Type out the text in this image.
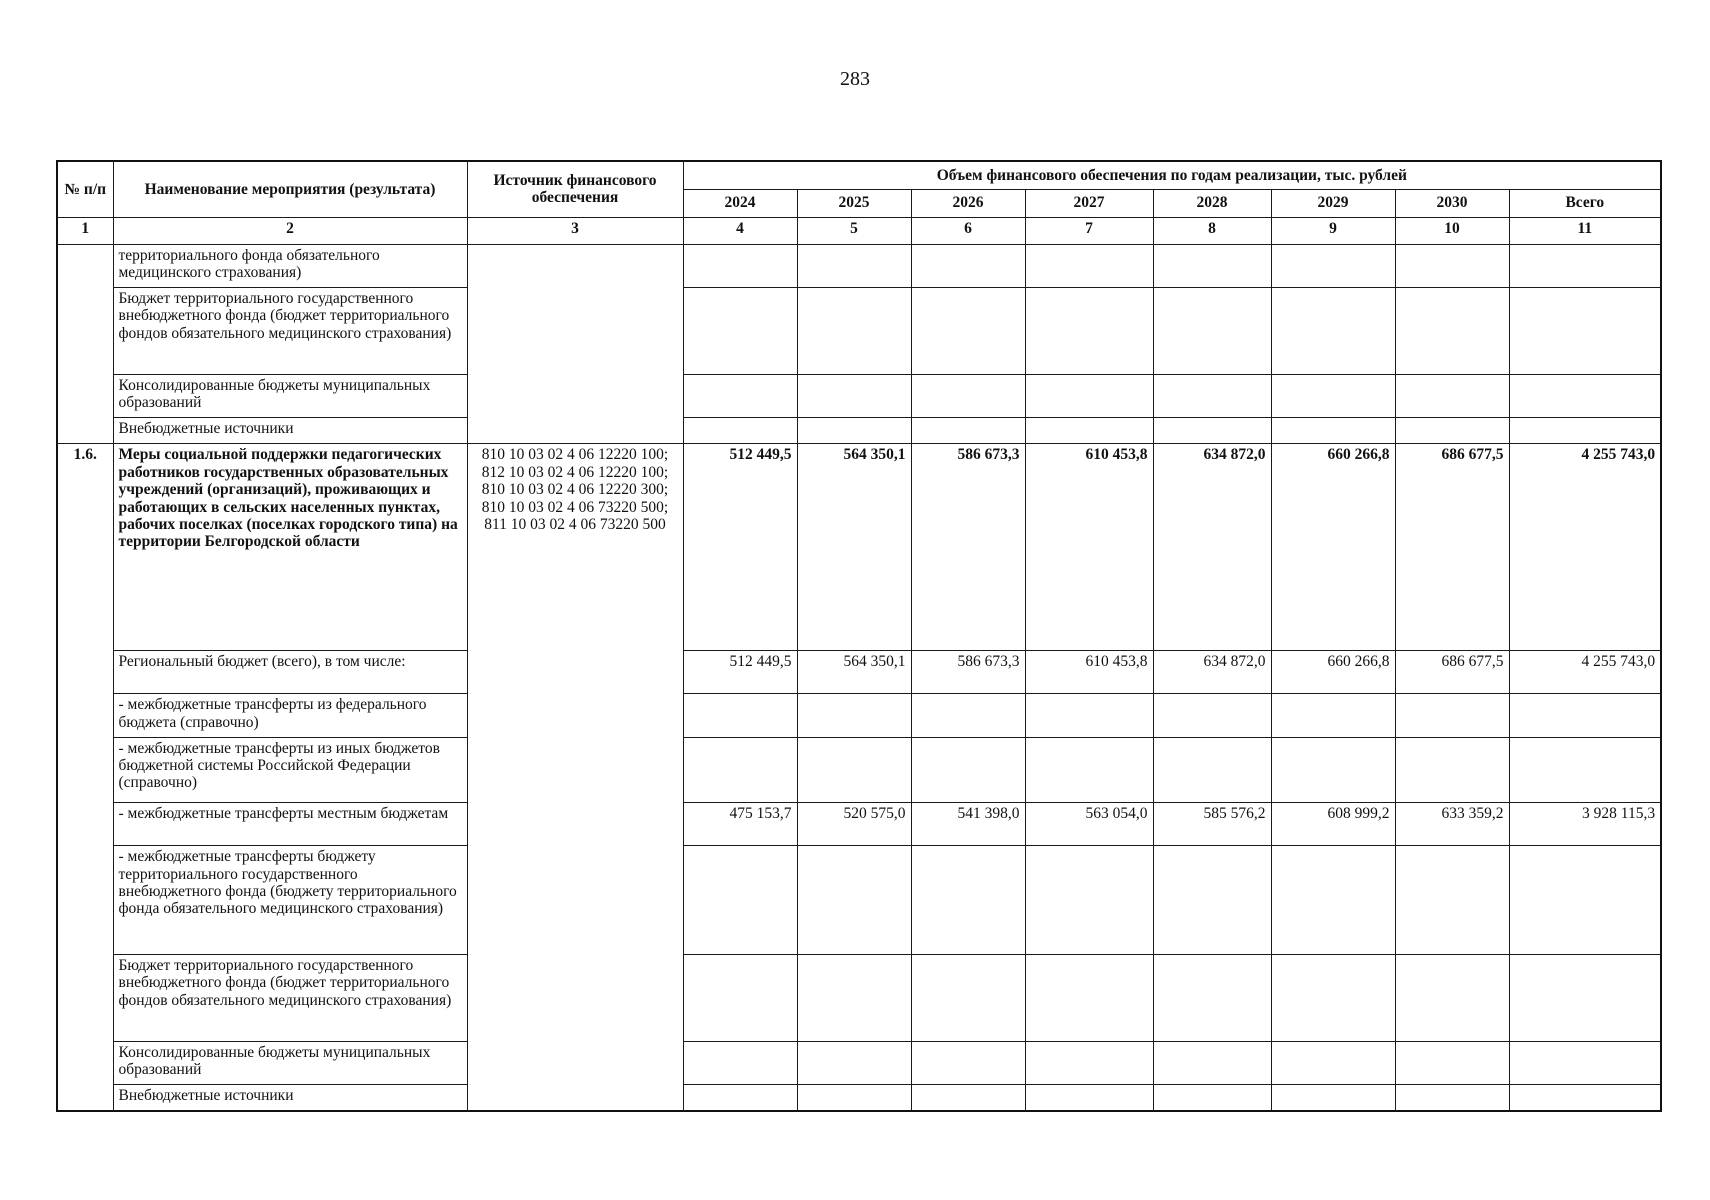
283
№ п/п	Наименование мероприятия (результата)	Источник финансового обеспечения	Объем финансового обеспечения по годам реализации, тыс. рублей							
			2024	2025	2026	2027	2028	2029	2030	Всего
1	2	3	4	5	6	7	8	9	10	11
	территориального фонда обязательного медицинского страхования)									
	Бюджет территориального государственного внебюджетного фонда (бюджет территориального фондов обязательного медицинского страхования)									
	Консолидированные бюджеты муниципальных образований									
	Внебюджетные источники									
1.6.	Меры социальной поддержки педагогических работников государственных образовательных учреждений (организаций), проживающих и работающих в сельских населенных пунктах, рабочих поселках (поселках городского типа) на территории Белгородской области	810 10 03 02 4 06 12220 100; 812 10 03 02 4 06 12220 100; 810 10 03 02 4 06 12220 300; 810 10 03 02 4 06 73220 500; 811 10 03 02 4 06 73220 500	512 449,5	564 350,1	586 673,3	610 453,8	634 872,0	660 266,8	686 677,5	4 255 743,0
	Региональный бюджет (всего), в том числе:		512 449,5	564 350,1	586 673,3	610 453,8	634 872,0	660 266,8	686 677,5	4 255 743,0
	- межбюджетные трансферты из федерального бюджета (справочно)									
	- межбюджетные трансферты из иных бюджетов бюджетной системы Российской Федерации (справочно)									
	- межбюджетные трансферты местным бюджетам		475 153,7	520 575,0	541 398,0	563 054,0	585 576,2	608 999,2	633 359,2	3 928 115,3
	- межбюджетные трансферты бюджету территориального государственного внебюджетного фонда (бюджету территориального фонда обязательного медицинского страхования)									
	Бюджет территориального государственного внебюджетного фонда (бюджет территориального фондов обязательного медицинского страхования)									
	Консолидированные бюджеты муниципальных образований									
	Внебюджетные источники									
